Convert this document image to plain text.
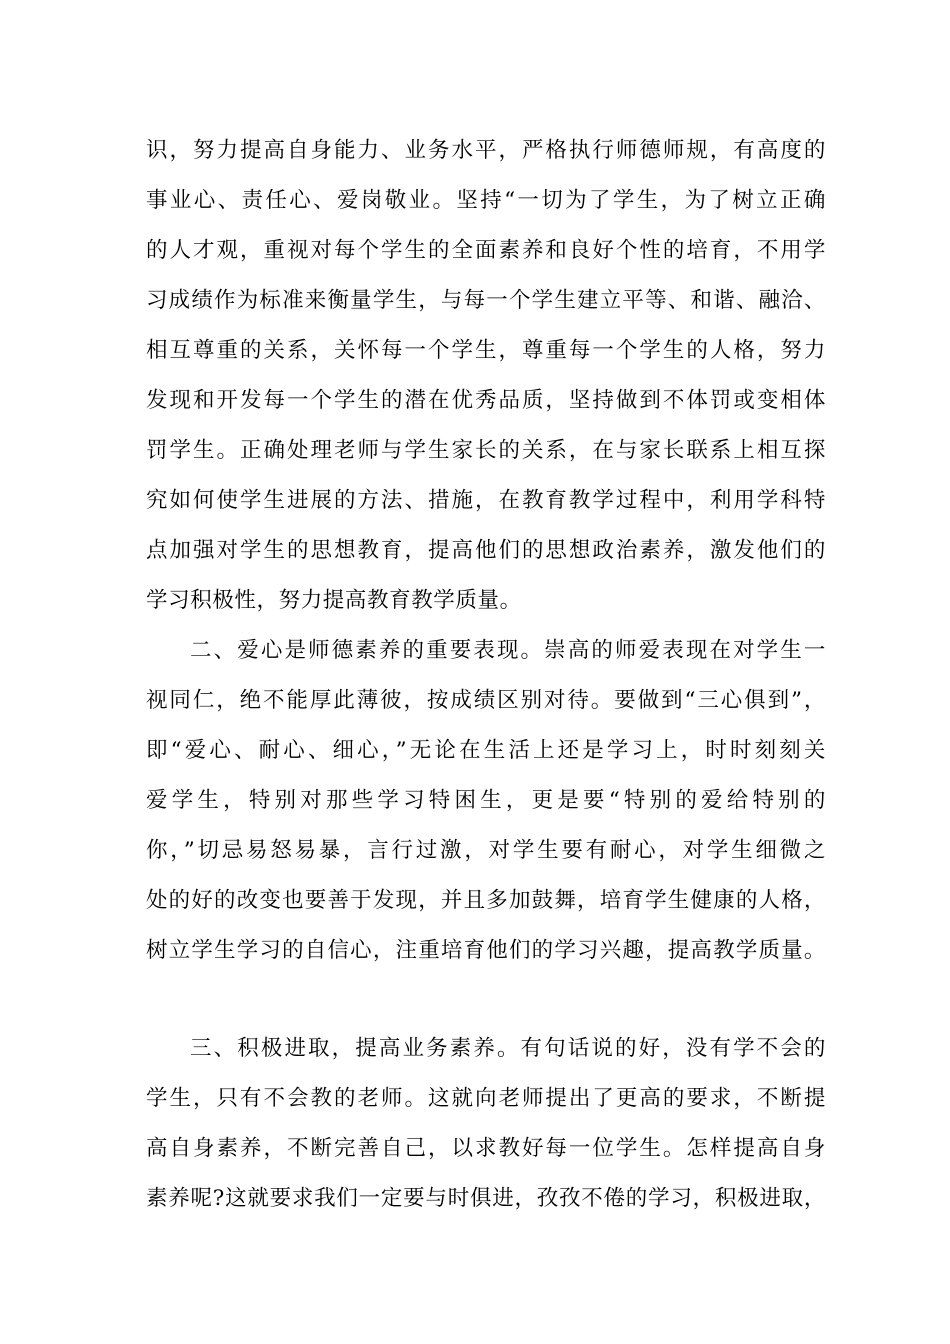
识，努力提高自身能力、业务水平，严格执行师德师规，有高度的
事业心、责任心、爱岗敬业。坚持“一切为了学生，为了树立正确
的人才观，重视对每个学生的全面素养和良好个性的培育，不用学
习成绩作为标准来衡量学生，与每一个学生建立平等、和谐、融洽、
相互尊重的关系，关怀每一个学生，尊重每一个学生的人格，努力
发现和开发每一个学生的潜在优秀品质，坚持做到不体罚或变相体
罚学生。正确处理老师与学生家长的关系，在与家长联系上相互探
究如何使学生进展的方法、措施，在教育教学过程中，利用学科特
点加强对学生的思想教育，提高他们的思想政治素养，激发他们的
学习积极性，努力提高教育教学质量。
二、爱心是师德素养的重要表现。崇高的师爱表现在对学生一
视同仁，绝不能厚此薄彼，按成绩区别对待。要做到“三心俱到”，
即“爱心、耐心、细心，”无论在生活上还是学习上，时时刻刻关
爱学生，特别对那些学习特困生，更是要“特别的爱给特别的
你，”切忌易怒易暴，言行过激，对学生要有耐心，对学生细微之
处的好的改变也要善于发现，并且多加鼓舞，培育学生健康的人格，
树立学生学习的自信心，注重培育他们的学习兴趣，提高教学质量。
三、积极进取，提高业务素养。有句话说的好，没有学不会的
学生，只有不会教的老师。这就向老师提出了更高的要求，不断提
高自身素养，不断完善自己，以求教好每一位学生。怎样提高自身
素养呢?这就要求我们一定要与时俱进，孜孜不倦的学习，积极进取，
